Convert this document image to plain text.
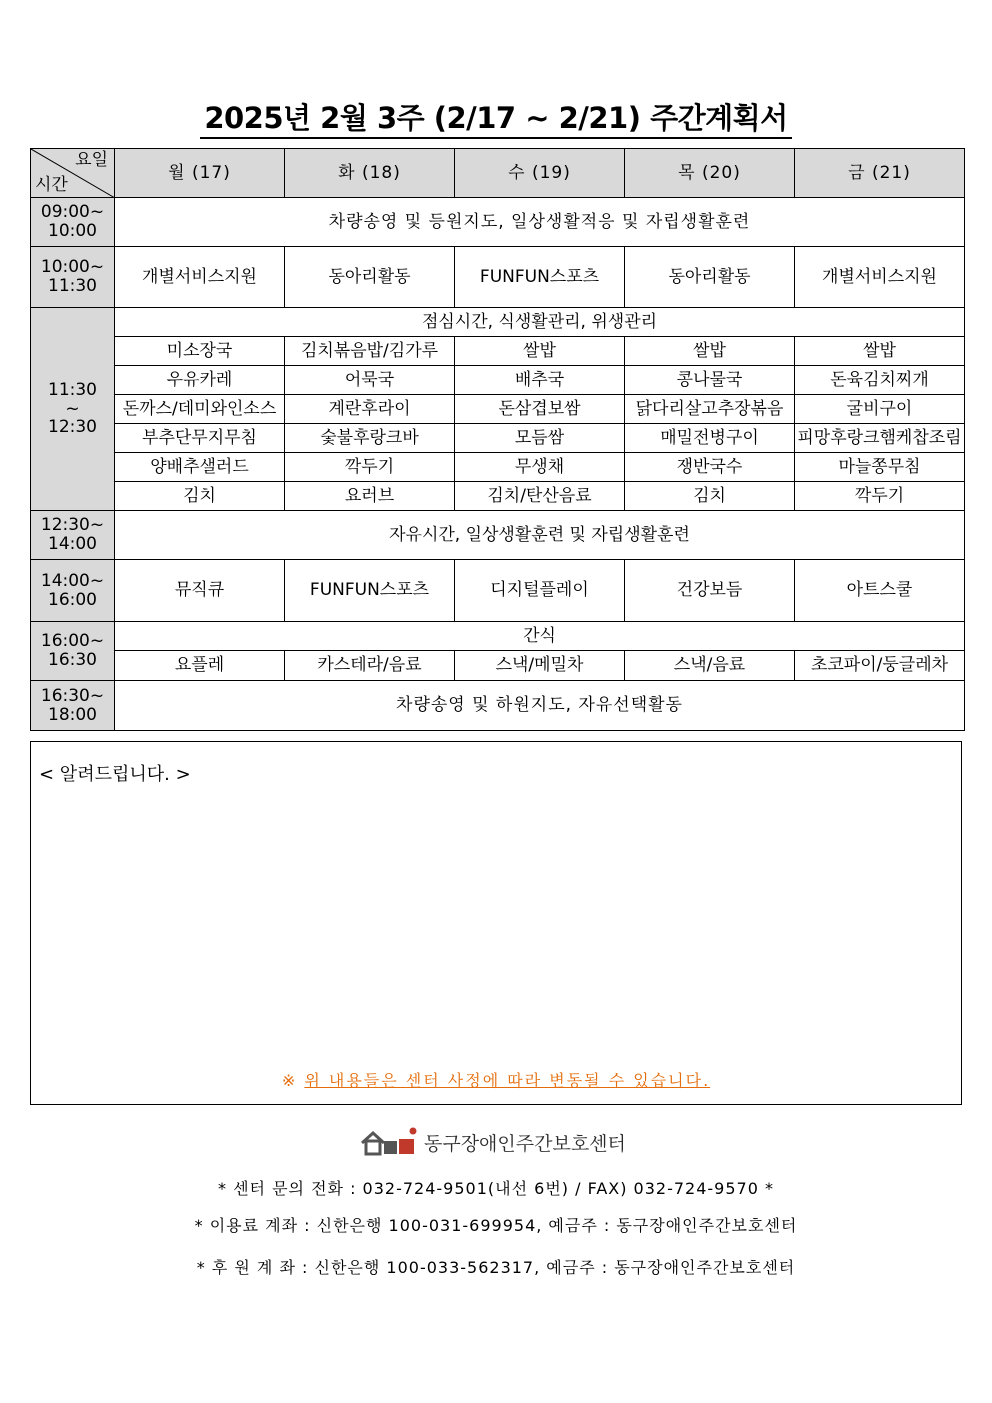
2025년 2월 3주 (2/17 ~ 2/21) 주간계획서
요일
시간	월 (17)	화 (18)	수 (19)	목 (20)	금 (21)
09:00~
10:00	차량송영 및 등원지도, 일상생활적응 및 자립생활훈련				
10:00~
11:30	개별서비스지원	동아리활동	FUNFUN스포츠	동아리활동	개별서비스지원
11:30
~
12:30	점심시간, 식생활관리, 위생관리				
	미소장국	김치볶음밥/김가루	쌀밥	쌀밥	쌀밥
	우유카레	어묵국	배추국	콩나물국	돈육김치찌개
	돈까스/데미와인소스	계란후라이	돈삼겹보쌈	닭다리살고추장볶음	굴비구이
	부추단무지무침	숯불후랑크바	모듬쌈	매밀전병구이	피망후랑크햄케찹조림
	양배추샐러드	깍두기	무생채	쟁반국수	마늘쫑무침
	김치	요러브	김치/탄산음료	김치	깍두기
12:30~
14:00	자유시간, 일상생활훈련 및 자립생활훈련				
14:00~
16:00	뮤직큐	FUNFUN스포츠	디지털플레이	건강보듬	아트스쿨
16:00~
16:30	간식				
	요플레	카스테라/음료	스낵/메밀차	스낵/음료	초코파이/둥글레차
16:30~
18:00	차량송영 및 하원지도, 자유선택활동				
< 알려드립니다. >
※ 위 내용들은 센터 사정에 따라 변동될 수 있습니다.
동구장애인주간보호센터
* 센터 문의 전화 : 032-724-9501(내선 6번) / FAX) 032-724-9570 *
* 이용료 계좌 : 신한은행 100-031-699954, 예금주 : 동구장애인주간보호센터
* 후 원 계 좌 : 신한은행 100-033-562317, 예금주 : 동구장애인주간보호센터
